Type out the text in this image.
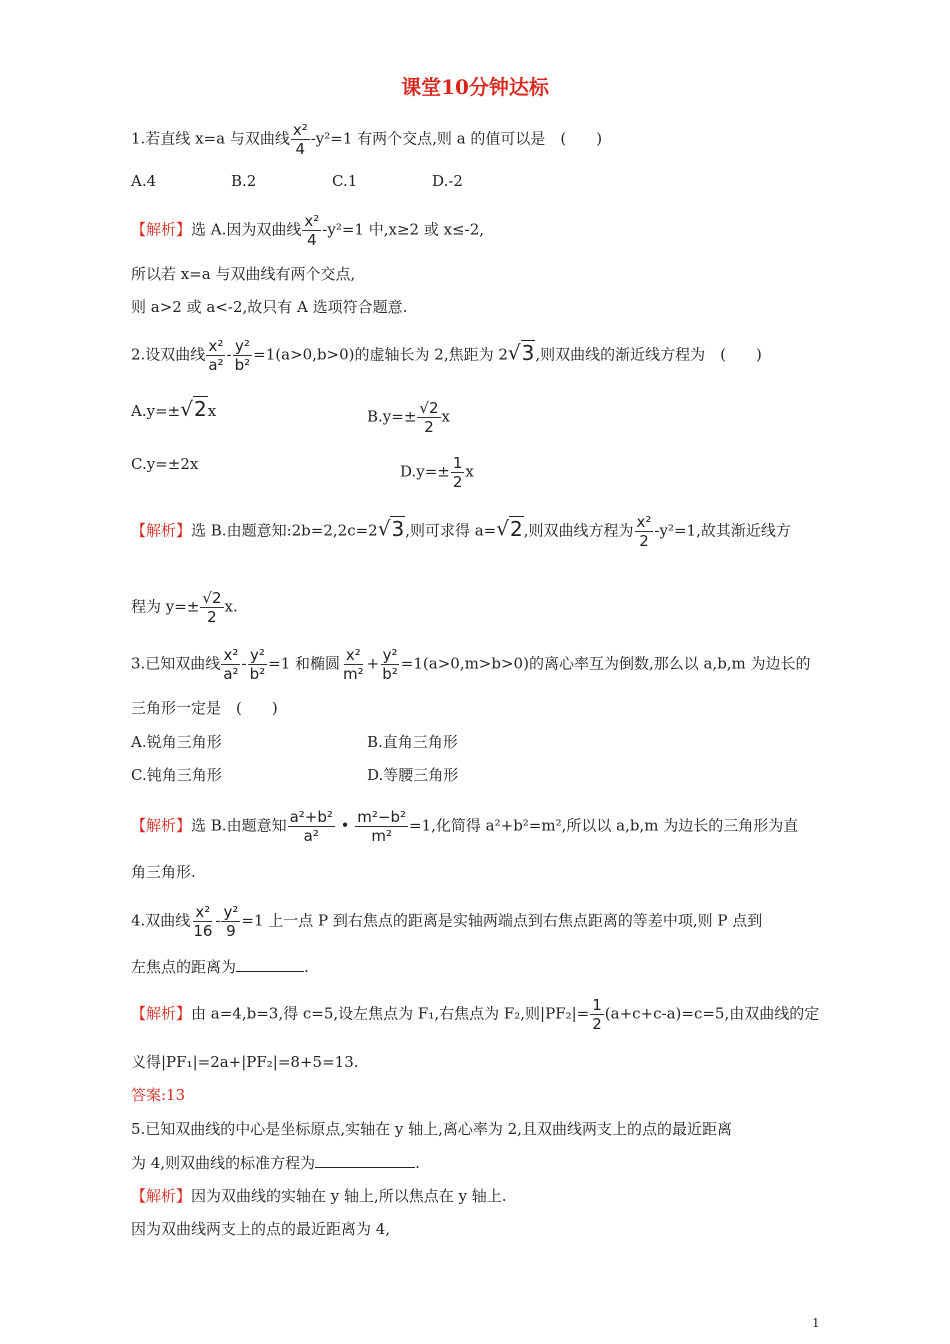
课堂10分钟达标
1.若直线 x=a 与双曲线 $\frac{\text{x²}}{4} -y^2=1$ 有两个交点,则 a 的值可以是　(　　)
A.4	B.2	C.1	D.-2
【解析】选 A.因为双曲线 $\frac{\text{x²}}{4} -y^2=1$ 中,x≥2 或 x≤-2,
所以若 x=a 与双曲线有两个交点,
则 a>2 或 a<-2,故只有 A 选项符合题意.
2.设双曲线 $\frac{\text{x²}}{\text{a²}} - \frac{\text{y²}}{\text{b²}} =1(a>0,b>0)$的虚轴长为 2,焦距为 2√3,则双曲线的渐近线方程为　(　　)
A.y=±√2x	$B.y=\pm \frac{√2}{2}$ x
C.y=±2x	$D.y=\pm \frac{1}{2}$ x
【解析】选 B.由题意知:2b=2,2c=2√3,则可求得 a=√2,则双曲线方程为 $\frac{\text{x²}}{2} -y^2=1$,故其渐近线方
程为 $y=\pm \frac{√2}{2} x$.
3.已知双曲线 $\frac{\text{x²}}{\text{a²}} - \frac{\text{y²}}{\text{b²}} =1$ 和椭圆 $\frac{\text{x²}}{\text{m²}} + \frac{\text{y²}}{\text{b²}} =1(a>0,m>b>0)$的离心率互为倒数,那么以 a,b,m 为边长的
三角形一定是　(　　)
A.锐角三角形	B.直角三角形
C.钝角三角形	D.等腰三角形
【解析】选 B.由题意知 $\frac{\text{a²+b²}}{\text{a²}}$ • $\frac{\text{m²−b²}}{\text{m²}} =1$,化简得 a²+b²=m²,所以以 a,b,m 为边长的三角形为直
角三角形.
4.双曲线 $\frac{\text{x²}}{16} - \frac{\text{y²}}{9} =1$ 上一点 P 到右焦点的距离是实轴两端点到右焦点距离的等差中项,则 P 点到
左焦点的距离为	.
【解析】由 a=4,b=3,得 c=5,设左焦点为 F₁,右焦点为 F₂,则$|PF_2|= \frac{1}{2} (a+c+c-a)=c=5$,由双曲线的定
义得|PF₁|=2a+|PF₂|=8+5=13.
答案:13
5.已知双曲线的中心是坐标原点,实轴在 y 轴上,离心率为 2,且双曲线两支上的点的最近距离
为 4,则双曲线的标准方程为	.
【解析】因为双曲线的实轴在 y 轴上,所以焦点在 y 轴上.
因为双曲线两支上的点的最近距离为 4,
1
